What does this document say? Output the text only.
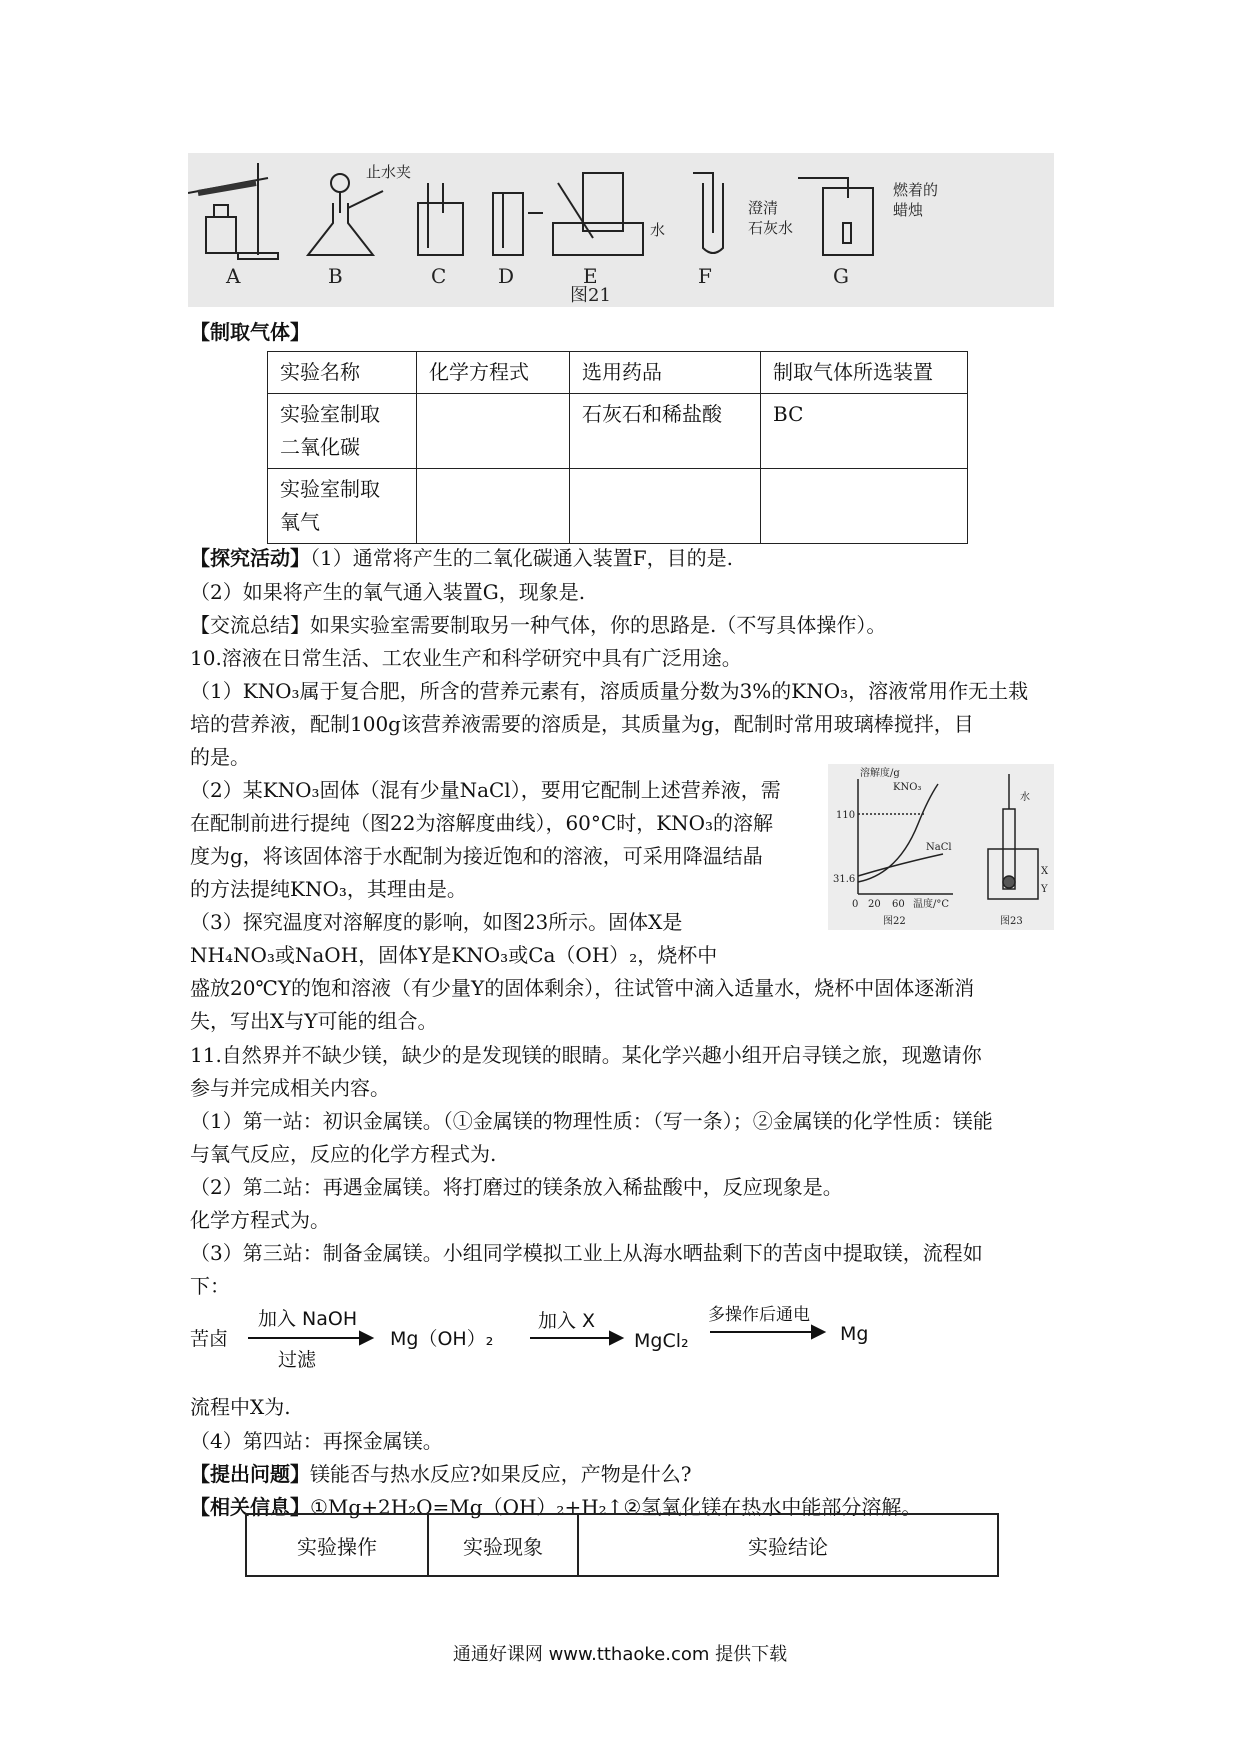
止水夹
水
澄清
石灰水
燃着的
蜡烛
A	B	C	D	E	F	G
图21
【制取气体】
实验名称	化学方程式	选用药品	制取气体所选装置

实验室制取
二氧化碳		石灰石和稀盐酸	BC

实验室制取
氧气			

【探究活动】（1）通常将产生的二氧化碳通入装置F，目的是.
（2）如果将产生的氧气通入装置G，现象是.
【交流总结】如果实验室需要制取另一种气体，你的思路是.（不写具体操作）。
10.溶液在日常生活、工农业生产和科学研究中具有广泛用途。
（1）KNO₃属于复合肥，所含的营养元素有，溶质质量分数为3%的KNO₃，溶液常用作无土栽
培的营养液，配制100g该营养液需要的溶质是，其质量为g，配制时常用玻璃棒搅拌，目
的是。
（2）某KNO₃固体（混有少量NaCl），要用它配制上述营养液，需
在配制前进行提纯（图22为溶解度曲线），60°C时，KNO₃的溶解
度为g，将该固体溶于水配制为接近饱和的溶液，可采用降温结晶
的方法提纯KNO₃，其理由是。
（3）探究温度对溶解度的影响，如图23所示。固体X是
NH₄NO₃或NaOH，固体Y是KNO₃或Ca（OH）₂，烧杯中
盛放20℃Y的饱和溶液（有少量Y的固体剩余），往试管中滴入适量水，烧杯中固体逐渐消
失，写出X与Y可能的组合。
溶解度/g
KNO₃
NaCl
110
31.6
0 20 60 温度/°C
图22
水
X
Y
图23
11.自然界并不缺少镁，缺少的是发现镁的眼睛。某化学兴趣小组开启寻镁之旅，现邀请你
参与并完成相关内容。
（1）第一站：初识金属镁。（①金属镁的物理性质：（写一条）；②金属镁的化学性质：镁能
与氧气反应，反应的化学方程式为.
（2）第二站：再遇金属镁。将打磨过的镁条放入稀盐酸中，反应现象是。
化学方程式为。
（3）第三站：制备金属镁。小组同学模拟工业上从海水晒盐剩下的苦卤中提取镁，流程如
下：
苦卤
加入 NaOH
过滤
Mg（OH）₂
加入 X
MgCl₂
多操作后通电
Mg
流程中X为.
（4）第四站：再探金属镁。
【提出问题】镁能否与热水反应?如果反应，产物是什么?
【相关信息】①Mg+2H₂O=Mg（OH）₂+H₂↑②氢氧化镁在热水中能部分溶解。
实验操作	实验现象	实验结论
通通好课网 www.tthaoke.com 提供下载
